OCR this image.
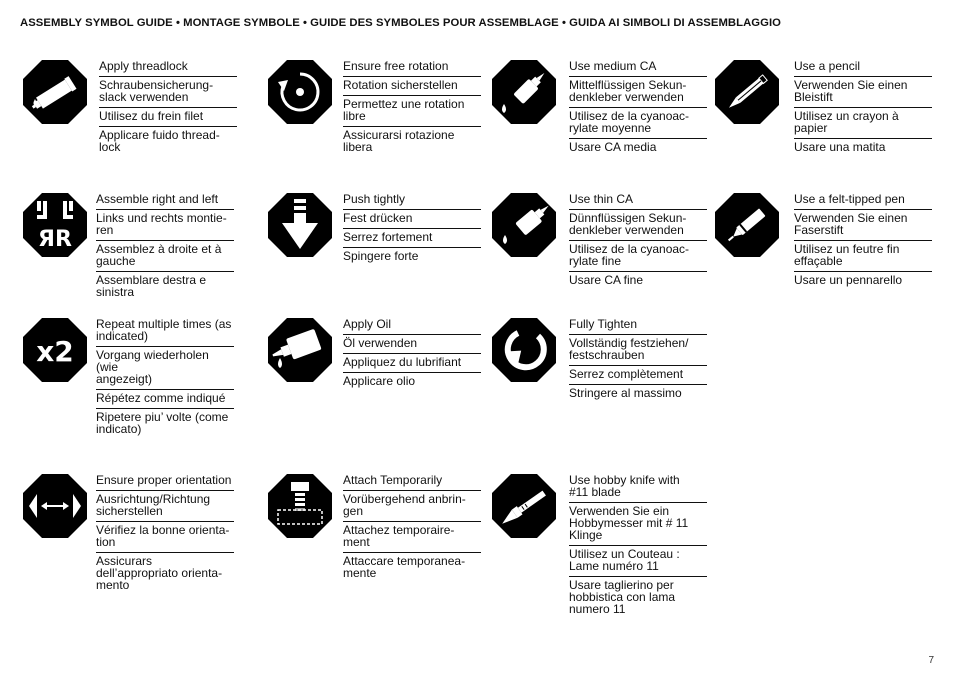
ASSEMBLY SYMBOL GUIDE • MONTAGE SYMBOLE • GUIDE DES SYMBOLES POUR ASSEMBLAGE • GUIDA AI SIMBOLI DI ASSEMBLAGGIO
Apply threadlock
Schraubensicherung-
slack verwenden
Utilisez du frein filet
Applicare fuido thread-
lock
Ensure free rotation
Rotation sicherstellen
Permettez une rotation
libre
Assicurarsi rotazione
libera
Use medium CA
Mittelflüssigen Sekun-
denkleber verwenden
Utilisez de la cyanoac-
rylate moyenne
Usare CA media
Use a pencil
Verwenden Sie einen
Bleistift
Utilisez un crayon à
papier
Usare una matita
ЯR
Assemble right and left
Links und rechts montie-
ren
Assemblez à droite et à
gauche
Assemblare destra e
sinistra
Push tightly
Fest drücken
Serrez fortement
Spingere forte
Use thin CA
Dünnflüssigen Sekun-
denkleber verwenden
Utilisez de la cyanoac-
rylate fine
Usare CA fine
Use a felt-tipped pen
Verwenden Sie einen
Faserstift
Utilisez un feutre fin
effaçable
Usare un pennarello
x2
Repeat multiple times (as
indicated)
Vorgang wiederholen (wie
angezeigt)
Répétez comme indiqué
Ripetere piu’ volte (come
indicato)
Apply Oil
Öl verwenden
Appliquez du lubrifiant
Applicare olio
Fully Tighten
Vollständig festziehen/
festschrauben
Serrez complètement
Stringere al massimo
Ensure proper orientation
Ausrichtung/Richtung
sicherstellen
Vérifiez la bonne orienta-
tion
Assicurars
dell’appropriato orienta-
mento
Attach Temporarily
Vorübergehend anbrin-
gen
Attachez temporaire-
ment
Attaccare temporanea-
mente
Use hobby knife with
#11 blade
Verwenden Sie ein
Hobbymesser mit # 11
Klinge
Utilisez un Couteau :
Lame numéro 11
Usare taglierino per
hobbistica con lama
numero 11
7
